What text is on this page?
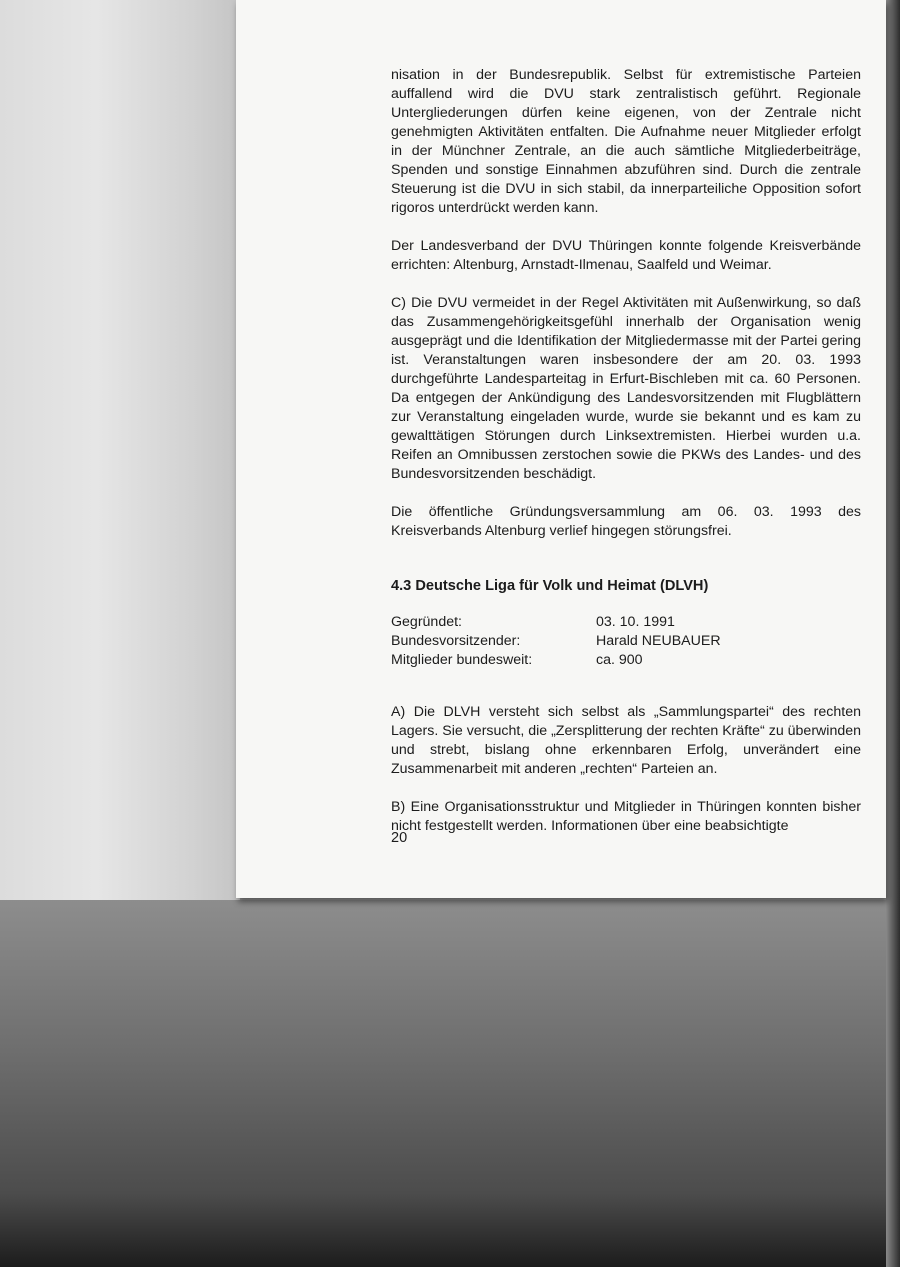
nisation in der Bundesrepublik. Selbst für extremistische Parteien auffallend wird die DVU stark zentralistisch geführt. Regionale Untergliederungen dürfen keine eigenen, von der Zentrale nicht genehmigten Aktivitäten entfalten. Die Aufnahme neuer Mitglieder erfolgt in der Münchner Zentrale, an die auch sämtliche Mitgliederbeiträge, Spenden und sonstige Einnahmen abzuführen sind. Durch die zentrale Steuerung ist die DVU in sich stabil, da innerparteiliche Opposition sofort rigoros unterdrückt werden kann.

Der Landesverband der DVU Thüringen konnte folgende Kreisverbände errichten: Altenburg, Arnstadt-Ilmenau, Saalfeld und Weimar.

C) Die DVU vermeidet in der Regel Aktivitäten mit Außenwirkung, so daß das Zusammengehörigkeitsgefühl innerhalb der Organisation wenig ausgeprägt und die Identifikation der Mitgliedermasse mit der Partei gering ist. Veranstaltungen waren insbesondere der am 20. 03. 1993 durchgeführte Landesparteitag in Erfurt-Bischleben mit ca. 60 Personen. Da entgegen der Ankündigung des Landesvorsitzenden mit Flugblättern zur Veranstaltung eingeladen wurde, wurde sie bekannt und es kam zu gewalttätigen Störungen durch Linksextremisten. Hierbei wurden u.a. Reifen an Omnibussen zerstochen sowie die PKWs des Landes- und des Bundesvorsitzenden beschädigt.

Die öffentliche Gründungsversammlung am 06. 03. 1993 des Kreisverbands Altenburg verlief hingegen störungsfrei.

4.3 Deutsche Liga für Volk und Heimat (DLVH)
Gegründet:	03. 10. 1991
Bundesvorsitzender:	Harald NEUBAUER
Mitglieder bundesweit:	ca. 900

A) Die DLVH versteht sich selbst als „Sammlungspartei“ des rechten Lagers. Sie versucht, die „Zersplitterung der rechten Kräfte“ zu überwinden und strebt, bislang ohne erkennbaren Erfolg, unverändert eine Zusammenarbeit mit anderen „rechten“ Parteien an.

B) Eine Organisationsstruktur und Mitglieder in Thüringen konnten bisher nicht festgestellt werden. Informationen über eine beabsichtigte

20
